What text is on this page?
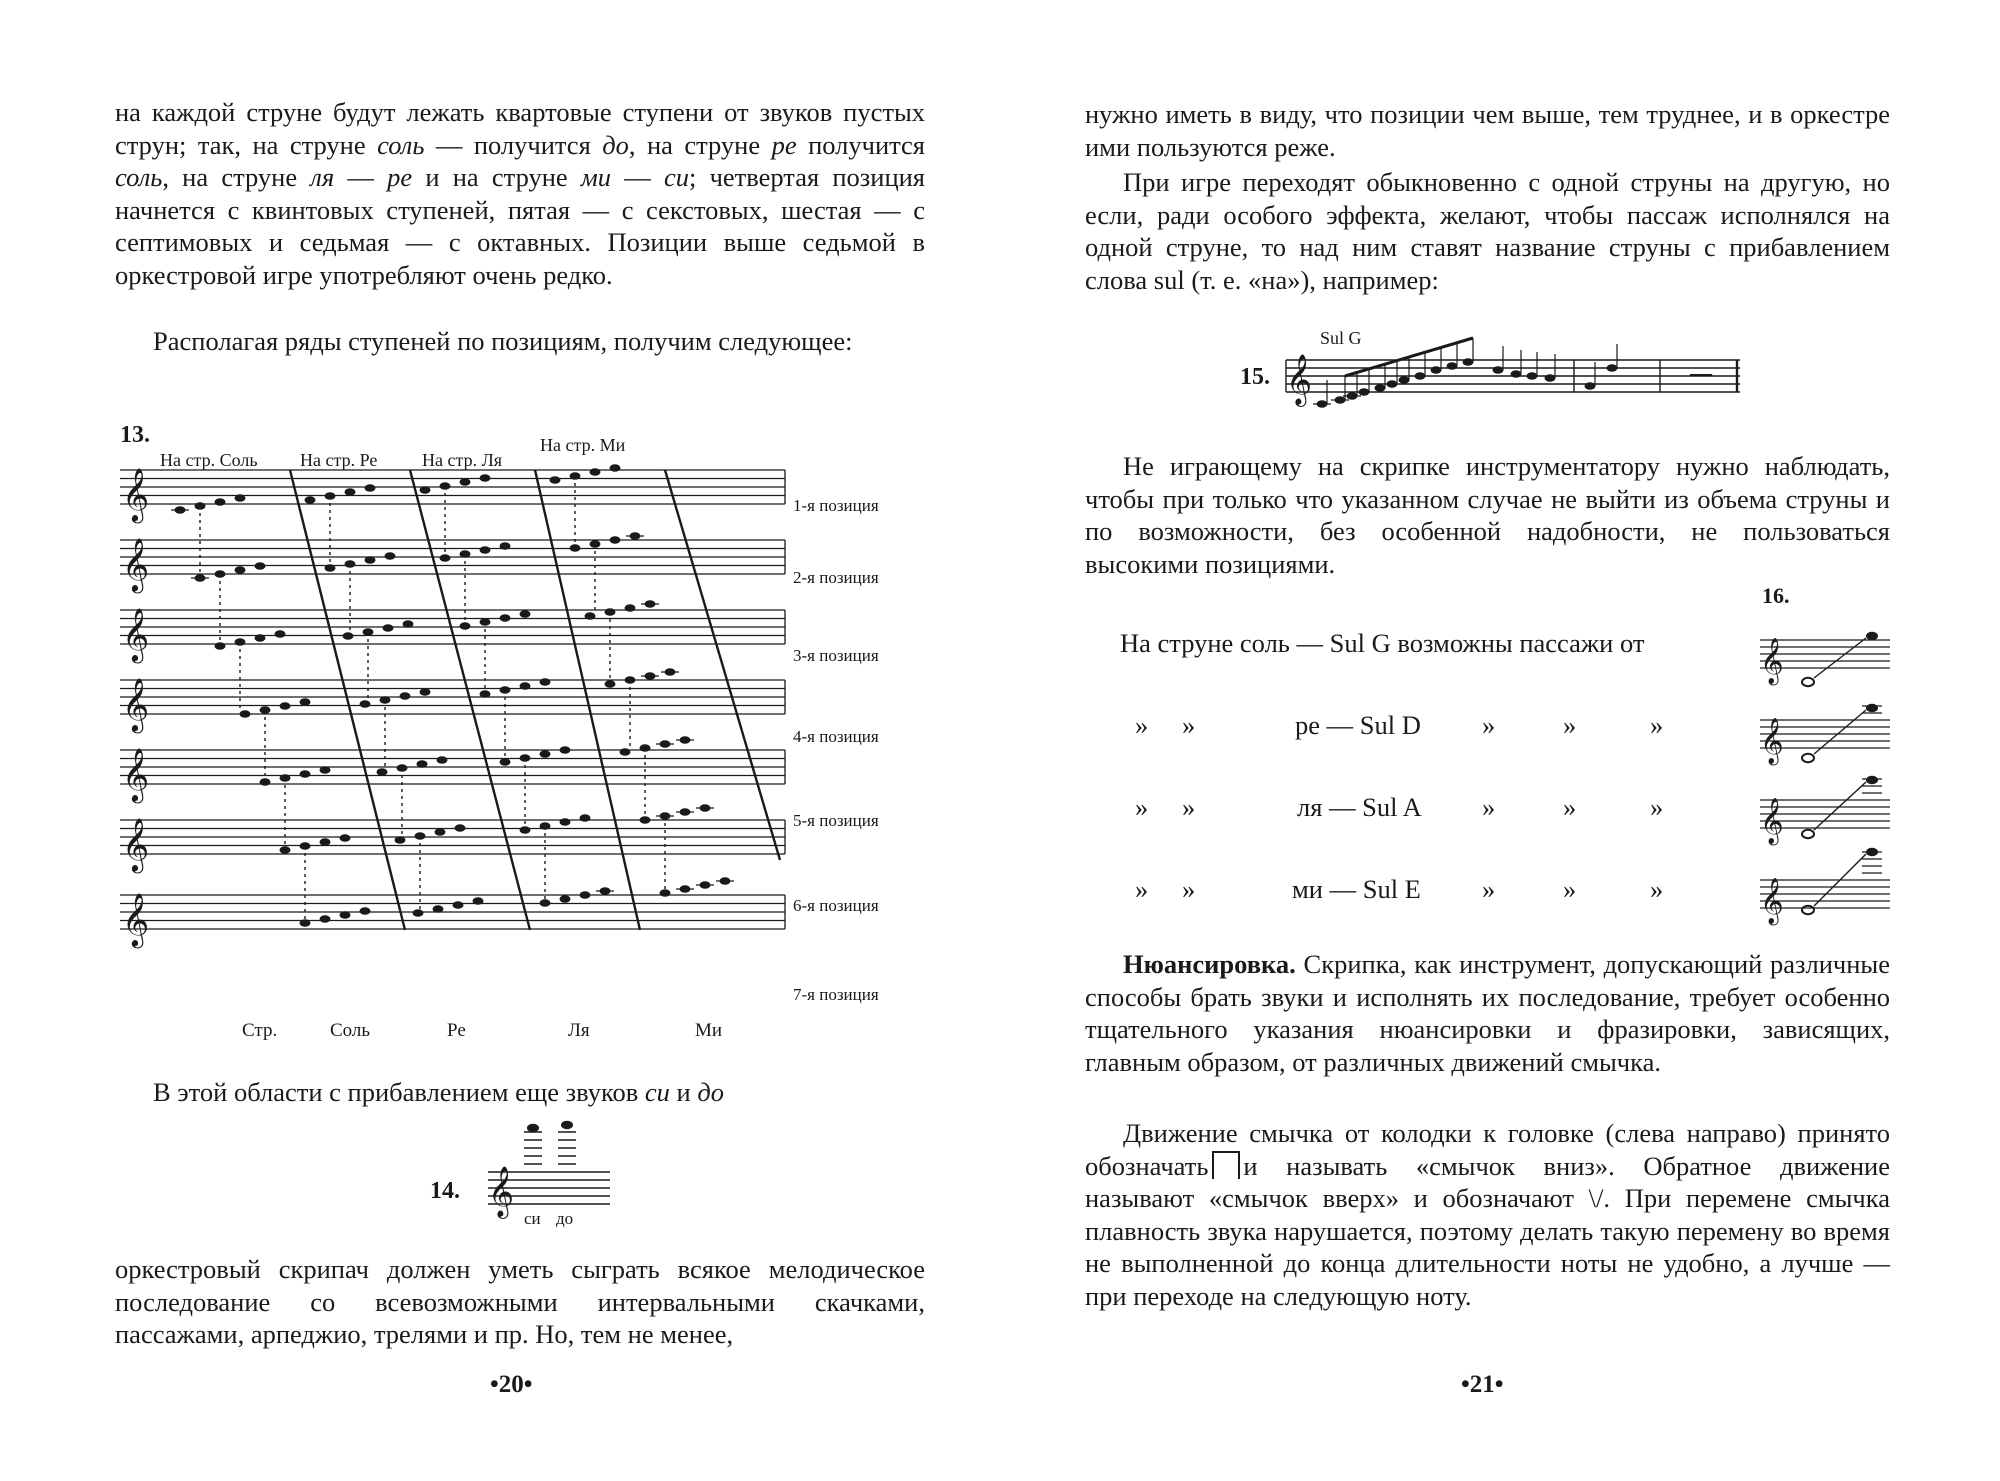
на каждой струне будут лежать квартовые ступени от звуков пустых струн; так, на струне соль — получится до, на струне ре получится соль, на струне ля — ре и на струне ми — си; четвертая позиция начнется с квинтовых ступеней, пятая — с секстовых, шестая — с септимовых и седьмая — с октавных. Позиции выше седьмой в оркестровой игре употребляют очень редко.

Располагая ряды ступеней по позициям, получим следующее:

13.
На стр. Соль На стр. Ре На стр. Ля
На стр. Ми
𝄞
𝄞
𝄞
𝄞
𝄞
𝄞
𝄞
1-я позиция
2-я позиция
3-я позиция
4-я позиция
5-я позиция
6-я позиция
7-я позиция
Стр.	Соль	Ре	Ля	Ми

В этой области с прибавлением еще звуков си и до

14. 𝄞
си до

оркестровый скрипач должен уметь сыграть всякое мелодическое последование со всевозможными интервальными скачками, пассажами, арпеджио, трелями и пр. Но, тем не менее,

•20•

нужно иметь в виду, что позиции чем выше, тем труднее, и в оркестре ими пользуются реже.

При игре переходят обыкновенно с одной струны на другую, но если, ради особого эффекта, желают, чтобы пассаж исполнялся на одной струне, то над ним ставят название струны с прибавлением слова sul (т. е. «на»), например:

Sul G
15. 𝄞	—

Не играющему на скрипке инструментатору нужно наблюдать, чтобы при только что указанном случае не выйти из объема струны и по возможности, без особенной надобности, не пользоваться высокими позициями.

16.
На струне соль — Sul G возможны пассажи от
» »	ре — Sul D »	»	»
» »	ля — Sul A »	»	»
» »	ми — Sul E »	»	»
𝄞
𝄞
𝄞
𝄞

Нюансировка. Скрипка, как инструмент, допускающий различные способы брать звуки и исполнять их последование, требует особенно тщательного указания нюансировки и фразировки, зависящих, главным образом, от различных движений смычка.

Движение смычка от колодки к головке (слева направо) принято обозначать и называть «смычок вниз». Обратное движение называют «смычок вверх» и обозначают \/. При перемене смычка плавность звука нарушается, поэтому делать такую перемену во время не выполненной до конца длительности ноты не удобно, а лучше — при переходе на следующую ноту.

•21•
